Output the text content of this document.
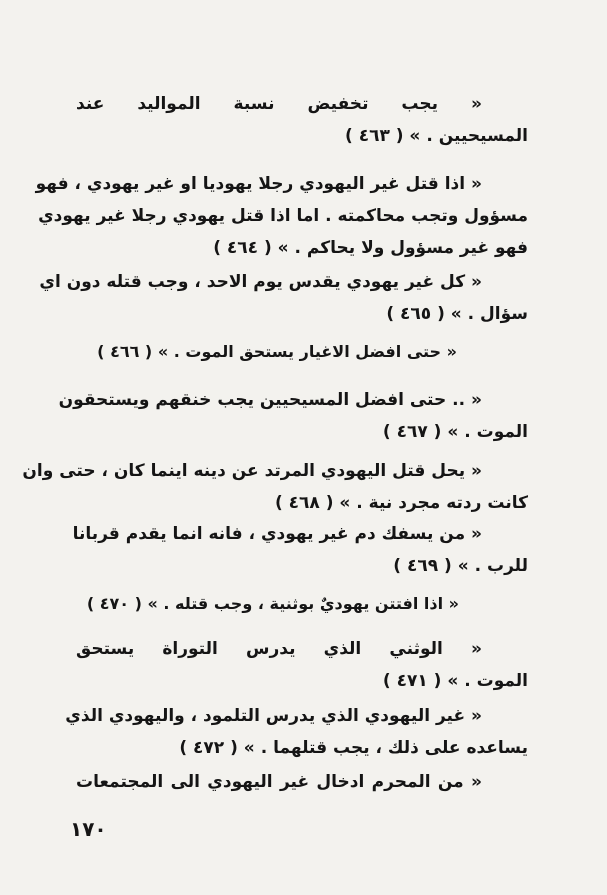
« يجب تخفيض نسبة المواليد عند
المسيحيين . » ( ٤٦٣ )
« اذا قتل غير اليهودي رجلا يهوديا او غير يهودي ، فهو
مسؤول وتجب محاكمته . اما اذا قتل يهودي رجلا غير يهودي
فهو غير مسؤول ولا يحاكم . » ( ٤٦٤ )
« كل غير يهودي يقدس يوم الاحد ، وجب قتله دون اي
سؤال . » ( ٤٦٥ )
« حتى افضل الاغيار يستحق الموت . » ( ٤٦٦ )
« .. حتى افضل المسيحيين يجب خنقهم ويستحقون
الموت . » ( ٤٦٧ )
« يحل قتل اليهودي المرتد عن دينه اينما كان ، حتى وان
كانت ردته مجرد نية . » ( ٤٦٨ )
« من يسفك دم غير يهودي ، فانه انما يقدم قربانا
للرب . » ( ٤٦٩ )
« اذا افتتن يهوديٌ بوثنية ، وجب قتله . » ( ٤٧٠ )
« الوثني الذي يدرس التوراة يستحق
الموت . » ( ٤٧١ )
« غير اليهودي الذي يدرس التلمود ، واليهودي الذي
يساعده على ذلك ، يجب قتلهما . » ( ٤٧٢ )
« من المحرم ادخال غير اليهودي الى المجتمعات
١٧٠
